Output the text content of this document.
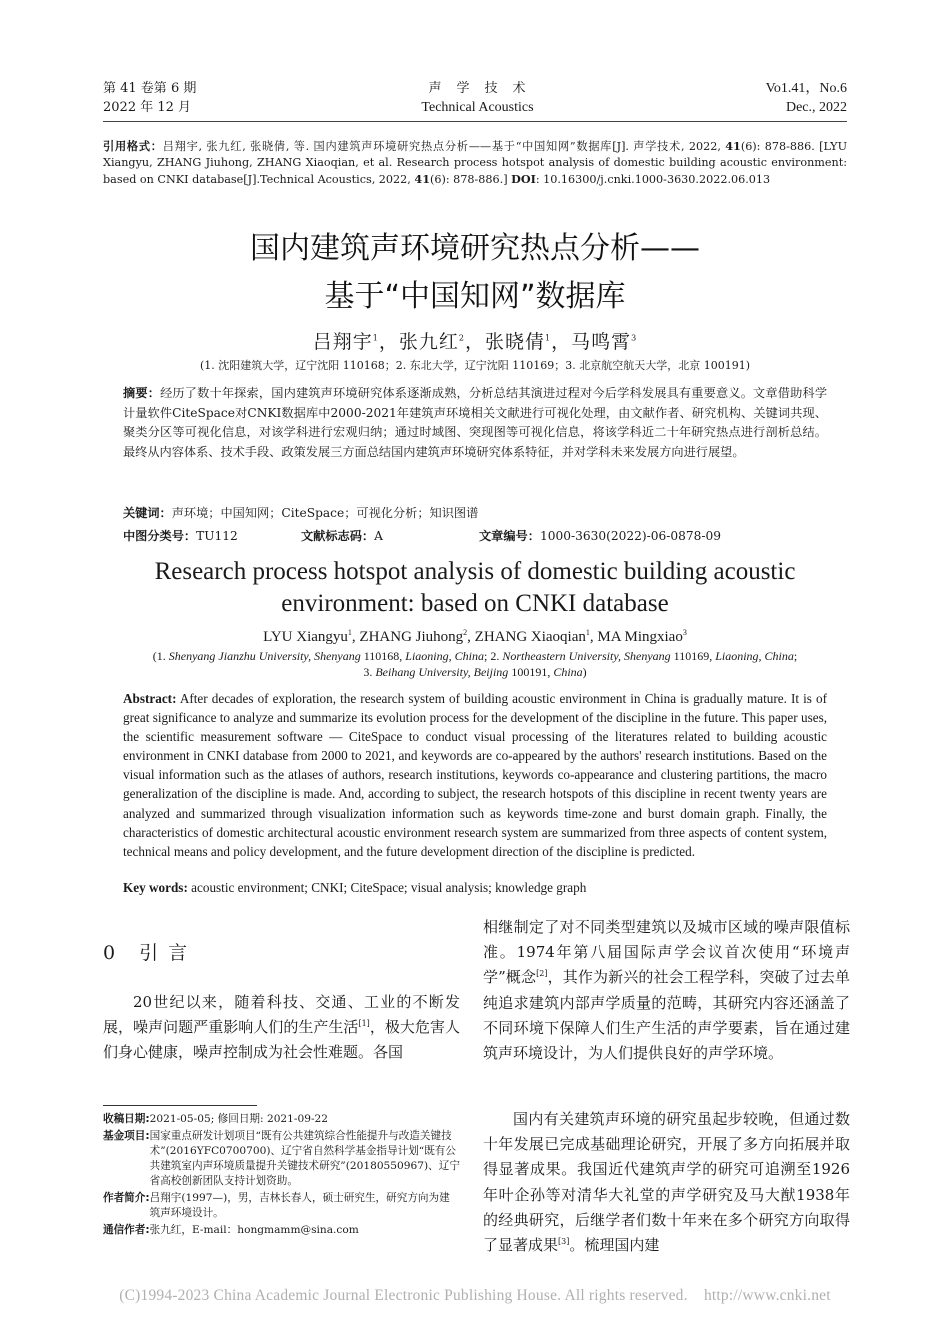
第 41 卷第 6 期
2022 年 12 月
声　学　技　术
Technical Acoustics
Vo1.41，No.6
Dec., 2022
引用格式：吕翔宇, 张九红, 张晓倩, 等. 国内建筑声环境研究热点分析——基于“中国知网”数据库[J]. 声学技术, 2022, 41(6): 878-886. [LYU Xiangyu, ZHANG Jiuhong, ZHANG Xiaoqian, et al. Research process hotspot analysis of domestic building acoustic environment: based on CNKI database[J].Technical Acoustics, 2022, 41(6): 878-886.] DOI: 10.16300/j.cnki.1000-3630.2022.06.013
国内建筑声环境研究热点分析——
基于“中国知网”数据库
吕翔宇$^1$，张九红$^2$，张晓倩$^1$，马鸣霄$^3$
(1. 沈阳建筑大学，辽宁沈阳 110168；2. 东北大学，辽宁沈阳 110169；3. 北京航空航天大学，北京 100191)
摘要：经历了数十年探索，国内建筑声环境研究体系逐渐成熟，分析总结其演进过程对今后学科发展具有重要意义。文章借助科学计量软件CiteSpace对CNKI数据库中2000-2021年建筑声环境相关文献进行可视化处理，由文献作者、研究机构、关键词共现、聚类分区等可视化信息，对该学科进行宏观归纳；通过时域图、突现图等可视化信息，将该学科近二十年研究热点进行剖析总结。最终从内容体系、技术手段、政策发展三方面总结国内建筑声环境研究体系特征，并对学科未来发展方向进行展望。
关键词：声环境；中国知网；CiteSpace；可视化分析；知识图谱
中图分类号：TU112	文献标志码：A	文章编号：1000-3630(2022)-06-0878-09
Research process hotspot analysis of domestic building acoustic
environment: based on CNKI database
LYU Xiangyu$^1$, ZHANG Jiuhong$^2$, ZHANG Xiaoqian$^1$, MA Mingxiao$^3$
(1. Shenyang Jianzhu University, Shenyang 110168, Liaoning, China; 2. Northeastern University, Shenyang 110169, Liaoning, China;
3. Beihang University, Beijing 100191, China)
Abstract: After decades of exploration, the research system of building acoustic environment in China is gradually mature. It is of great significance to analyze and summarize its evolution process for the development of the discipline in the future. This paper uses, the scientific measurement software — CiteSpace to conduct visual processing of the literatures related to building acoustic environment in CNKI database from 2000 to 2021, and keywords are co-appeared by the authors' research institutions. Based on the visual information such as the atlases of authors, research institutions, keywords co-appearance and clustering partitions, the macro generalization of the discipline is made. And, according to subject, the research hotspots of this discipline in recent twenty years are analyzed and summarized through visualization information such as keywords time-zone and burst domain graph. Finally, the characteristics of domestic architectural acoustic environment research system are summarized from three aspects of content system, technical means and policy development, and the future development direction of the discipline is predicted.
Key words: acoustic environment; CNKI; CiteSpace; visual analysis; knowledge graph
0 引 言
20世纪以来，随着科技、交通、工业的不断发展，噪声问题严重影响人们的生产生活[1]，极大危害人们身心健康，噪声控制成为社会性难题。各国
收稿日期: 2021-05-05; 修回日期: 2021-09-22
基金项目: 国家重点研发计划项目“既有公共建筑综合性能提升与改造关键技术”(2016YFC0700700)、辽宁省自然科学基金指导计划“既有公共建筑室内声环境质量提升关键技术研究”(20180550967)、辽宁省高校创新团队支持计划资助。
作者简介: 吕翔宇(1997—)，男，吉林长春人，硕士研究生，研究方向为建筑声环境设计。
通信作者: 张九红，E-mail：hongmamm@sina.com
相继制定了对不同类型建筑以及城市区域的噪声限值标准。1974年第八届国际声学会议首次使用“环境声学”概念[2]，其作为新兴的社会工程学科，突破了过去单纯追求建筑内部声学质量的范畴，其研究内容还涵盖了不同环境下保障人们生产生活的声学要素，旨在通过建筑声环境设计，为人们提供良好的声学环境。
国内有关建筑声环境的研究虽起步较晚，但通过数十年发展已完成基础理论研究，开展了多方向拓展并取得显著成果。我国近代建筑声学的研究可追溯至1926年叶企孙等对清华大礼堂的声学研究及马大猷1938年的经典研究，后继学者们数十年来在多个研究方向取得了显著成果[3]。梳理国内建
(C)1994-2023 China Academic Journal Electronic Publishing House. All rights reserved.    http://www.cnki.net
